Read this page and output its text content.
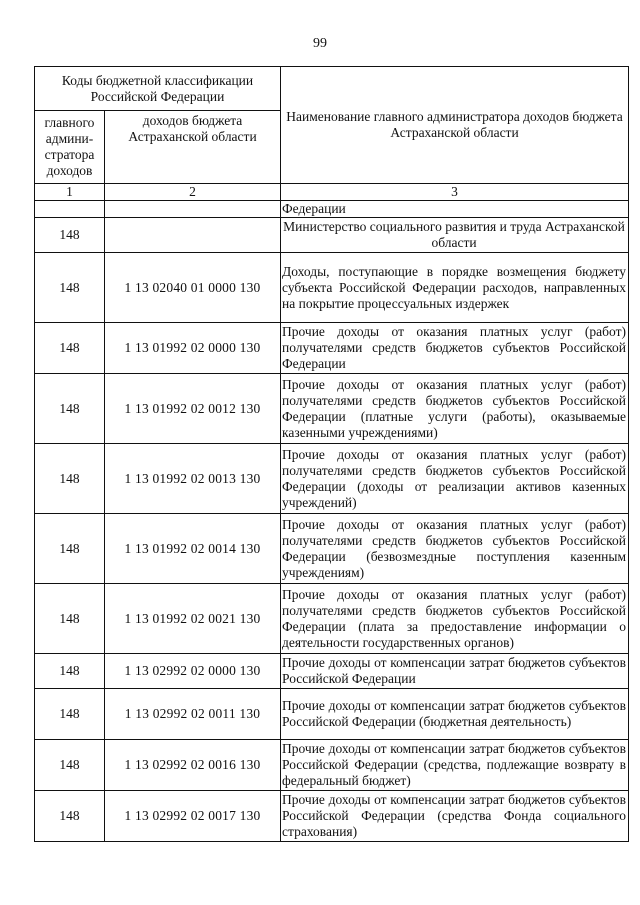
99
Коды бюджетной классификации Российской Федерации		Наименование главного администратора доходов бюджета Астраханской области
главного админи-стратора доходов	доходов бюджета Астраханской области	
1	2	3
		Федерации
148		Министерство социального развития и труда Астраханской области
148	1 13 02040 01 0000 130	Доходы, поступающие в порядке возмещения бюджету субъекта Российской Федерации расходов, направленных на покрытие процессуальных издержек
148	1 13 01992 02 0000 130	Прочие доходы от оказания платных услуг (работ) получателями средств бюджетов субъектов Российской Федерации
148	1 13 01992 02 0012 130	Прочие доходы от оказания платных услуг (работ) получателями средств бюджетов субъектов Российской Федерации (платные услуги (работы), оказываемые казенными учреждениями)
148	1 13 01992 02 0013 130	Прочие доходы от оказания платных услуг (работ) получателями средств бюджетов субъектов Российской Федерации (доходы от реализации активов казенных учреждений)
148	1 13 01992 02 0014 130	Прочие доходы от оказания платных услуг (работ) получателями средств бюджетов субъектов Российской Федерации (безвозмездные поступления казенным учреждениям)
148	1 13 01992 02 0021 130	Прочие доходы от оказания платных услуг (работ) получателями средств бюджетов субъектов Российской Федерации (плата за предоставление информации о деятельности государственных органов)
148	1 13 02992 02 0000 130	Прочие доходы от компенсации затрат бюджетов субъектов Российской Федерации
148	1 13 02992 02 0011 130	Прочие доходы от компенсации затрат бюджетов субъектов Российской Федерации (бюджетная деятельность)
148	1 13 02992 02 0016 130	Прочие доходы от компенсации затрат бюджетов субъектов Российской Федерации (средства, подлежащие возврату в федеральный бюджет)
148	1 13 02992 02 0017 130	Прочие доходы от компенсации затрат бюджетов субъектов Российской Федерации (средства Фонда социального страхования)
